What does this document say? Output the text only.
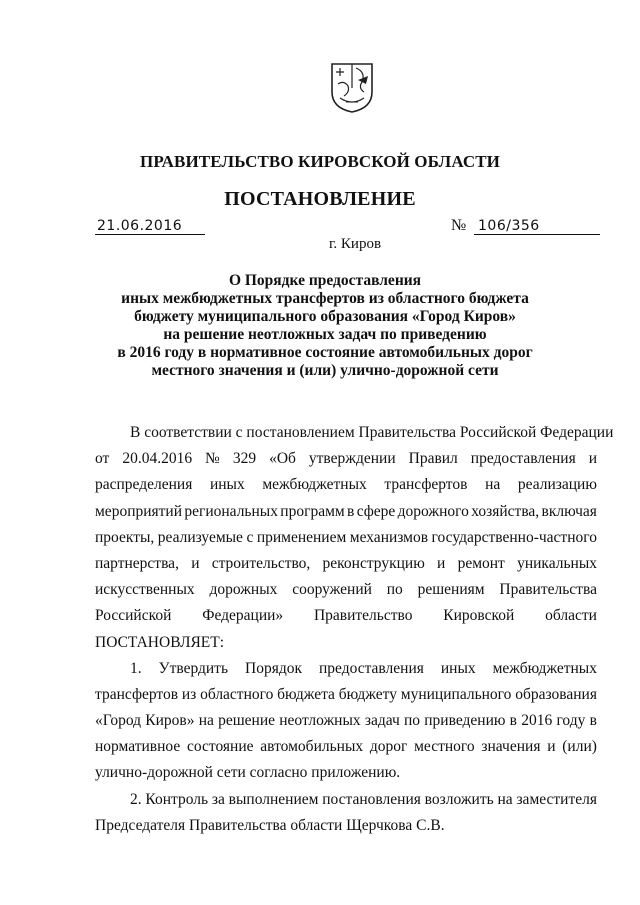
ПРАВИТЕЛЬСТВО КИРОВСКОЙ ОБЛАСТИ
ПОСТАНОВЛЕНИЕ
21.06.2016	№ 106/356
г. Киров
О Порядке предоставления
иных межбюджетных трансфертов из областного бюджета
бюджету муниципального образования «Город Киров»
на решение неотложных задач по приведению
в 2016 году в нормативное состояние автомобильных дорог
местного значения и (или) улично-дорожной сети
В соответствии с постановлением Правительства Российской Федерации
от 20.04.2016 № 329 «Об утверждении Правил предоставления и
распределения иных межбюджетных трансфертов на реализацию
мероприятий региональных программ в сфере дорожного хозяйства, включая
проекты, реализуемые с применением механизмов государственно-частного
партнерства, и строительство, реконструкцию и ремонт уникальных
искусственных дорожных сооружений по решениям Правительства
Российской Федерации» Правительство Кировской области
ПОСТАНОВЛЯЕТ:
1. Утвердить Порядок предоставления иных межбюджетных
трансфертов из областного бюджета бюджету муниципального образования
«Город Киров» на решение неотложных задач по приведению в 2016 году в
нормативное состояние автомобильных дорог местного значения и (или)
улично-дорожной сети согласно приложению.
2. Контроль за выполнением постановления возложить на заместителя
Председателя Правительства области Щерчкова С.В.
